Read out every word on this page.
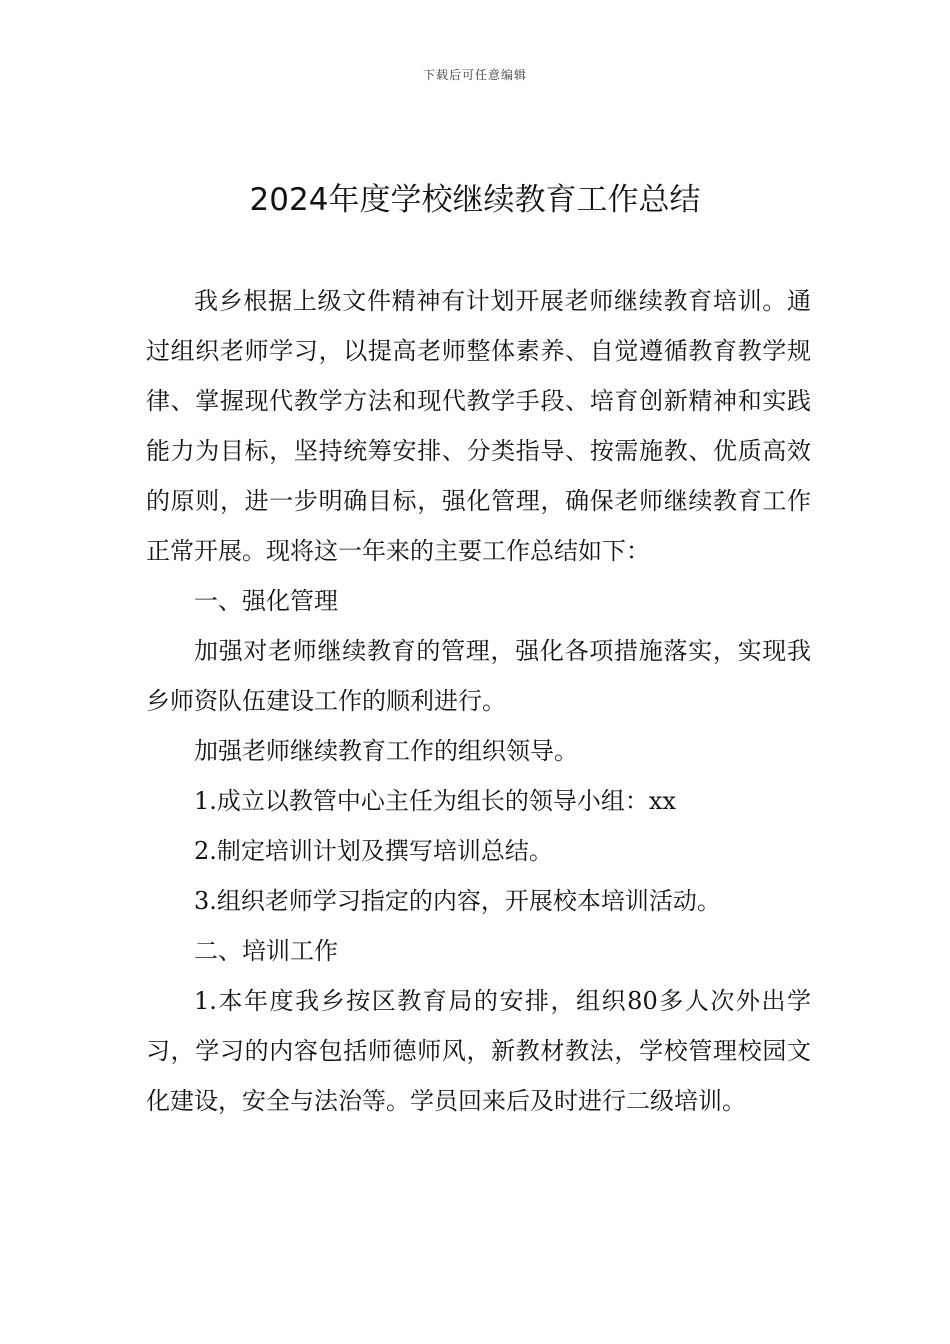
下载后可任意编辑
2024年度学校继续教育工作总结

我乡根据上级文件精神有计划开展老师继续教育培训。通过组织老师学习，以提高老师整体素养、自觉遵循教育教学规律、掌握现代教学方法和现代教学手段、培育创新精神和实践能力为目标，坚持统筹安排、分类指导、按需施教、优质高效的原则，进一步明确目标，强化管理，确保老师继续教育工作正常开展。现将这一年来的主要工作总结如下：

一、强化管理

加强对老师继续教育的管理，强化各项措施落实，实现我乡师资队伍建设工作的顺利进行。

加强老师继续教育工作的组织领导。

1.成立以教管中心主任为组长的领导小组：xx

2.制定培训计划及撰写培训总结。

3.组织老师学习指定的内容，开展校本培训活动。

二、培训工作

1.本年度我乡按区教育局的安排，组织80多人次外出学习，学习的内容包括师德师风，新教材教法，学校管理校园文化建设，安全与法治等。学员回来后及时进行二级培训。
